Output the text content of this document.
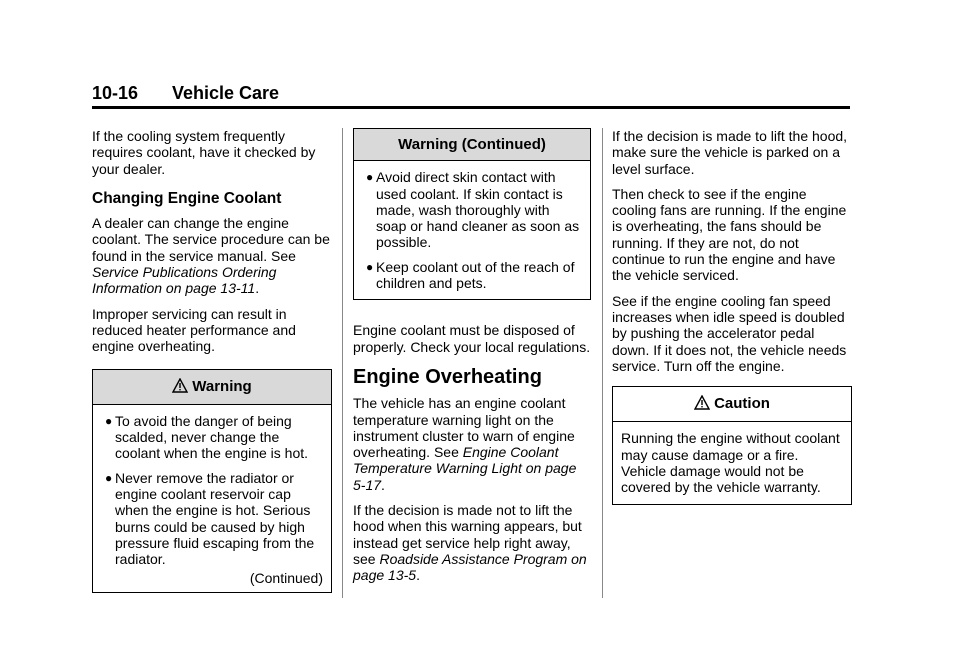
10-16 Vehicle Care

If the cooling system frequently requires coolant, have it checked by your dealer.

Changing Engine Coolant

A dealer can change the engine coolant. The service procedure can be found in the service manual. See Service Publications Ordering Information on page 13-11.

Improper servicing can result in reduced heater performance and engine overheating.

Warning
● To avoid the danger of being scalded, never change the coolant when the engine is hot.
● Never remove the radiator or engine coolant reservoir cap when the engine is hot. Serious burns could be caused by high pressure fluid escaping from the radiator.
(Continued)
Warning (Continued)
● Avoid direct skin contact with used coolant. If skin contact is made, wash thoroughly with soap or hand cleaner as soon as possible.
● Keep coolant out of the reach of children and pets.

Engine coolant must be disposed of properly. Check your local regulations.

Engine Overheating

The vehicle has an engine coolant temperature warning light on the instrument cluster to warn of engine overheating. See Engine Coolant Temperature Warning Light on page 5-17.

If the decision is made not to lift the hood when this warning appears, but instead get service help right away, see Roadside Assistance Program on page 13-5.

If the decision is made to lift the hood, make sure the vehicle is parked on a level surface.

Then check to see if the engine cooling fans are running. If the engine is overheating, the fans should be running. If they are not, do not continue to run the engine and have the vehicle serviced.

See if the engine cooling fan speed increases when idle speed is doubled by pushing the accelerator pedal down. If it does not, the vehicle needs service. Turn off the engine.

Caution
Running the engine without coolant may cause damage or a fire. Vehicle damage would not be covered by the vehicle warranty.
